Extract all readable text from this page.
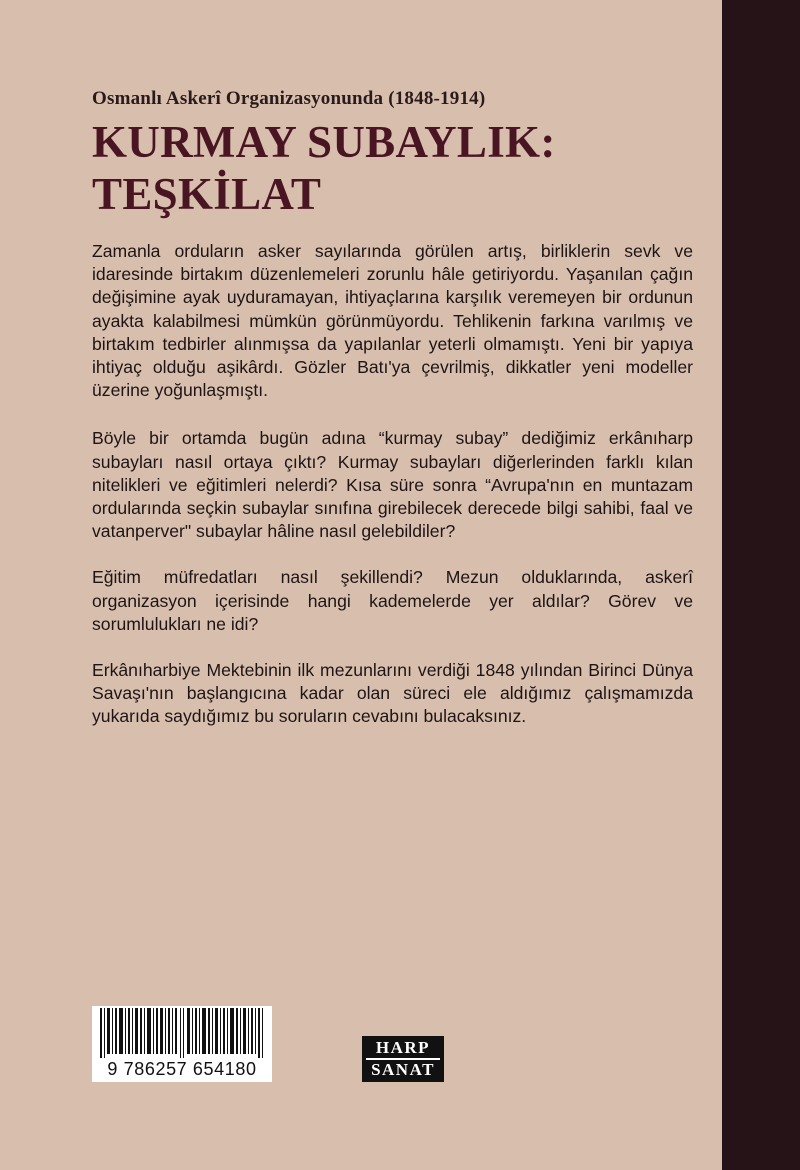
Osmanlı Askerî Organizasyonunda (1848-1914)
KURMAY SUBAYLIK:
TEŞKİLAT

Zamanla orduların asker sayılarında görülen artış, birliklerin sevk ve idaresinde birtakım düzenlemeleri zorunlu hâle getiriyordu. Yaşanılan çağın değişimine ayak uyduramayan, ihtiyaçlarına karşılık veremeyen bir ordunun ayakta kalabilmesi mümkün görünmüyordu. Tehlikenin farkına varılmış ve birtakım tedbirler alınmışsa da yapılanlar yeterli olmamıştı. Yeni bir yapıya ihtiyaç olduğu aşikârdı. Gözler Batı'ya çevrilmiş, dikkatler yeni modeller üzerine yoğunlaşmıştı.

Böyle bir ortamda bugün adına “kurmay subay” dediğimiz erkânıharp subayları nasıl ortaya çıktı? Kurmay subayları diğerlerinden farklı kılan nitelikleri ve eğitimleri nelerdi? Kısa süre sonra “Avrupa'nın en muntazam ordularında seçkin subaylar sınıfına girebilecek derecede bilgi sahibi, faal ve vatanperver" subaylar hâline nasıl gelebildiler?

Eğitim müfredatları nasıl şekillendi? Mezun olduklarında, askerî organizasyon içerisinde hangi kademelerde yer aldılar? Görev ve sorumlulukları ne idi?

Erkânıharbiye Mektebinin ilk mezunlarını verdiği 1848 yılından Birinci Dünya Savaşı'nın başlangıcına kadar olan süreci ele aldığımız çalışmamızda yukarıda saydığımız bu soruların cevabını bulacaksınız.

9 786257 654180
HARP
SANAT
